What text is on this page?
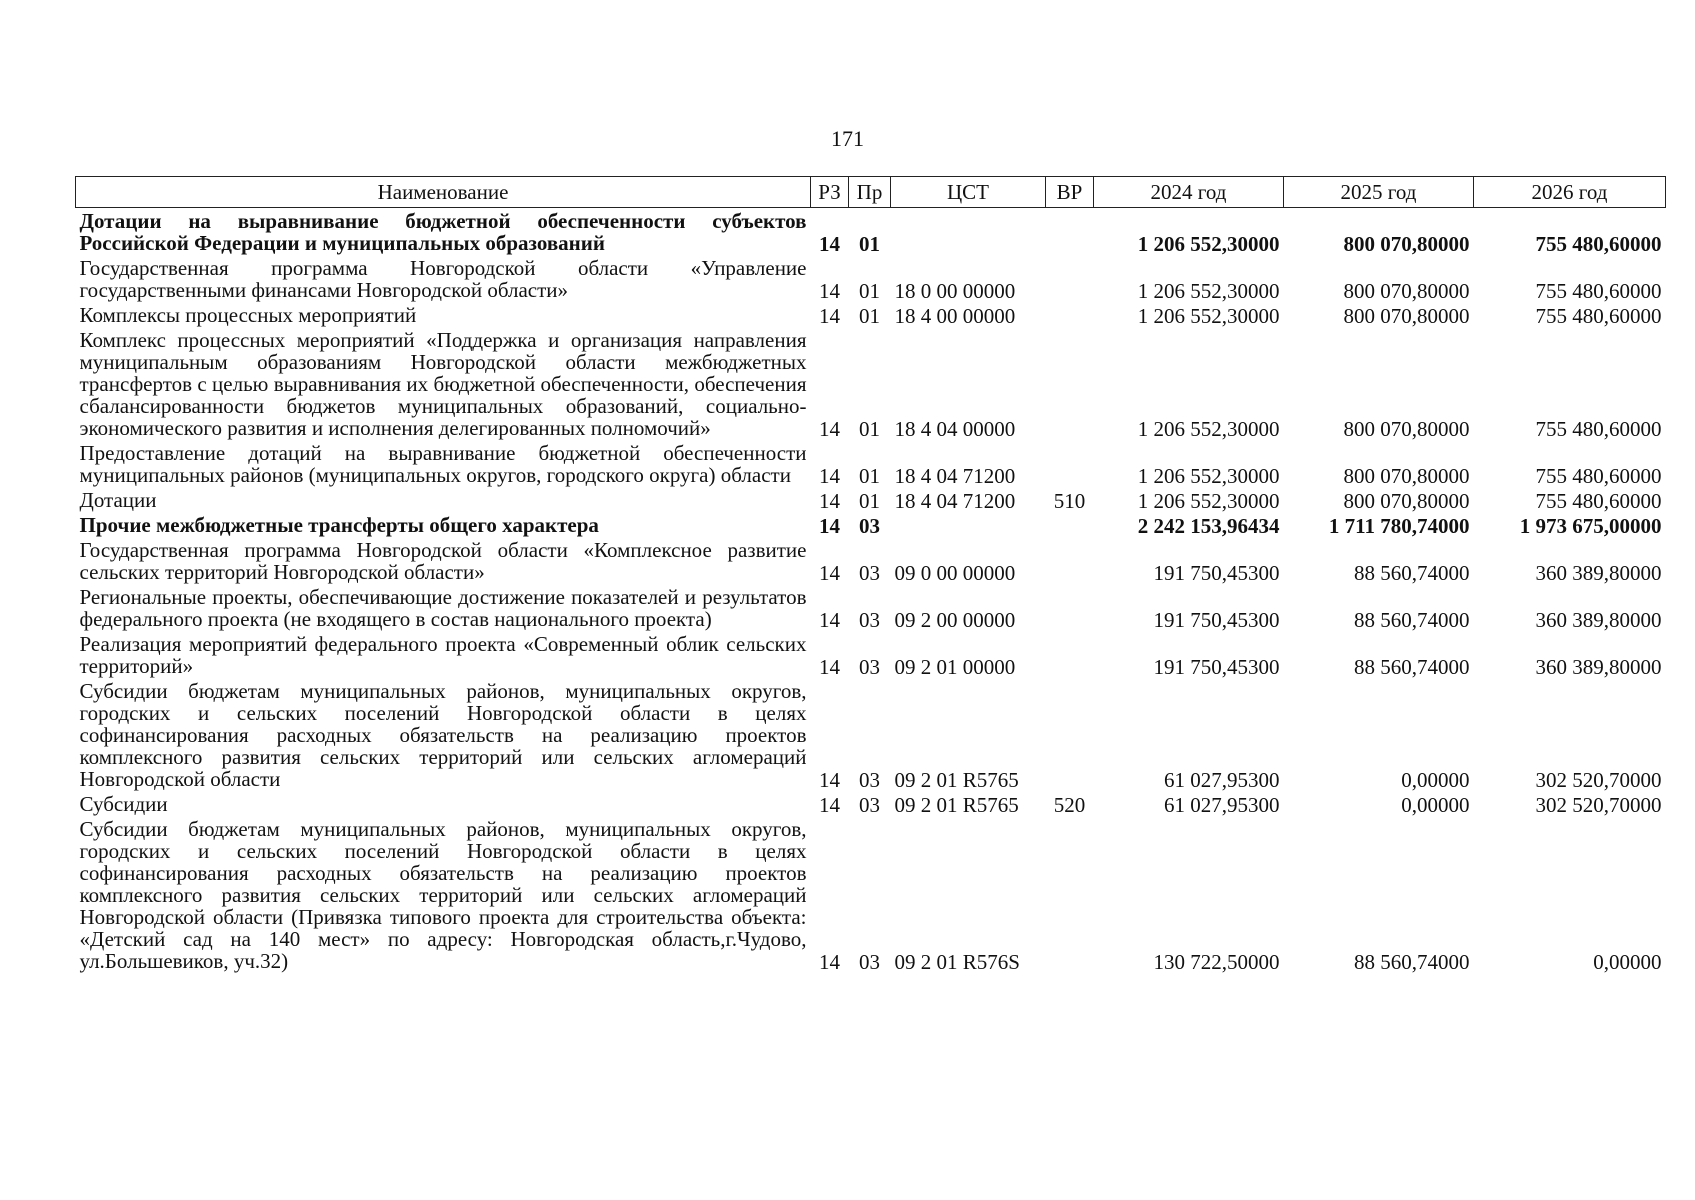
171
Наименование	РЗ	Пр	ЦСТ	ВР	2024 год	2025 год	2026 год
Дотации на выравнивание бюджетной обеспеченности субъектов Российской Федерации и муниципальных образований	14	01			1 206 552,30000	800 070,80000	755 480,60000
Государственная программа Новгородской области «Управление государственными финансами Новгородской области»	14	01	18 0 00 00000		1 206 552,30000	800 070,80000	755 480,60000
Комплексы процессных мероприятий	14	01	18 4 00 00000		1 206 552,30000	800 070,80000	755 480,60000
Комплекс процессных мероприятий «Поддержка и организация направления муниципальным образованиям Новгородской области межбюджетных трансфертов с целью выравнивания их бюджетной обеспеченности, обеспечения сбалансированности бюджетов муниципальных образований, социально-экономического развития и исполнения делегированных полномочий»	14	01	18 4 04 00000		1 206 552,30000	800 070,80000	755 480,60000
Предоставление дотаций на выравнивание бюджетной обеспеченности муниципальных районов (муниципальных округов, городского округа) области	14	01	18 4 04 71200		1 206 552,30000	800 070,80000	755 480,60000
Дотации	14	01	18 4 04 71200	510	1 206 552,30000	800 070,80000	755 480,60000
Прочие межбюджетные трансферты общего характера	14	03			2 242 153,96434	1 711 780,74000	1 973 675,00000
Государственная программа Новгородской области «Комплексное развитие сельских территорий Новгородской области»	14	03	09 0 00 00000		191 750,45300	88 560,74000	360 389,80000
Региональные проекты, обеспечивающие достижение показателей и результатов федерального проекта (не входящего в состав национального проекта)	14	03	09 2 00 00000		191 750,45300	88 560,74000	360 389,80000
Реализация мероприятий федерального проекта «Современный облик сельских территорий»	14	03	09 2 01 00000		191 750,45300	88 560,74000	360 389,80000
Субсидии бюджетам муниципальных районов, муниципальных округов, городских и сельских поселений Новгородской области в целях софинансирования расходных обязательств на реализацию проектов комплексного развития сельских территорий или сельских агломераций Новгородской области	14	03	09 2 01 R5765		61 027,95300	0,00000	302 520,70000
Субсидии	14	03	09 2 01 R5765	520	61 027,95300	0,00000	302 520,70000
Субсидии бюджетам муниципальных районов, муниципальных округов, городских и сельских поселений Новгородской области в целях софинансирования расходных обязательств на реализацию проектов комплексного развития сельских территорий или сельских агломераций Новгородской области (Привязка типового проекта для строительства объекта: «Детский сад на 140 мест» по адресу: Новгородская область,г.Чудово, ул.Большевиков, уч.32)	14	03	09 2 01 R576S		130 722,50000	88 560,74000	0,00000
